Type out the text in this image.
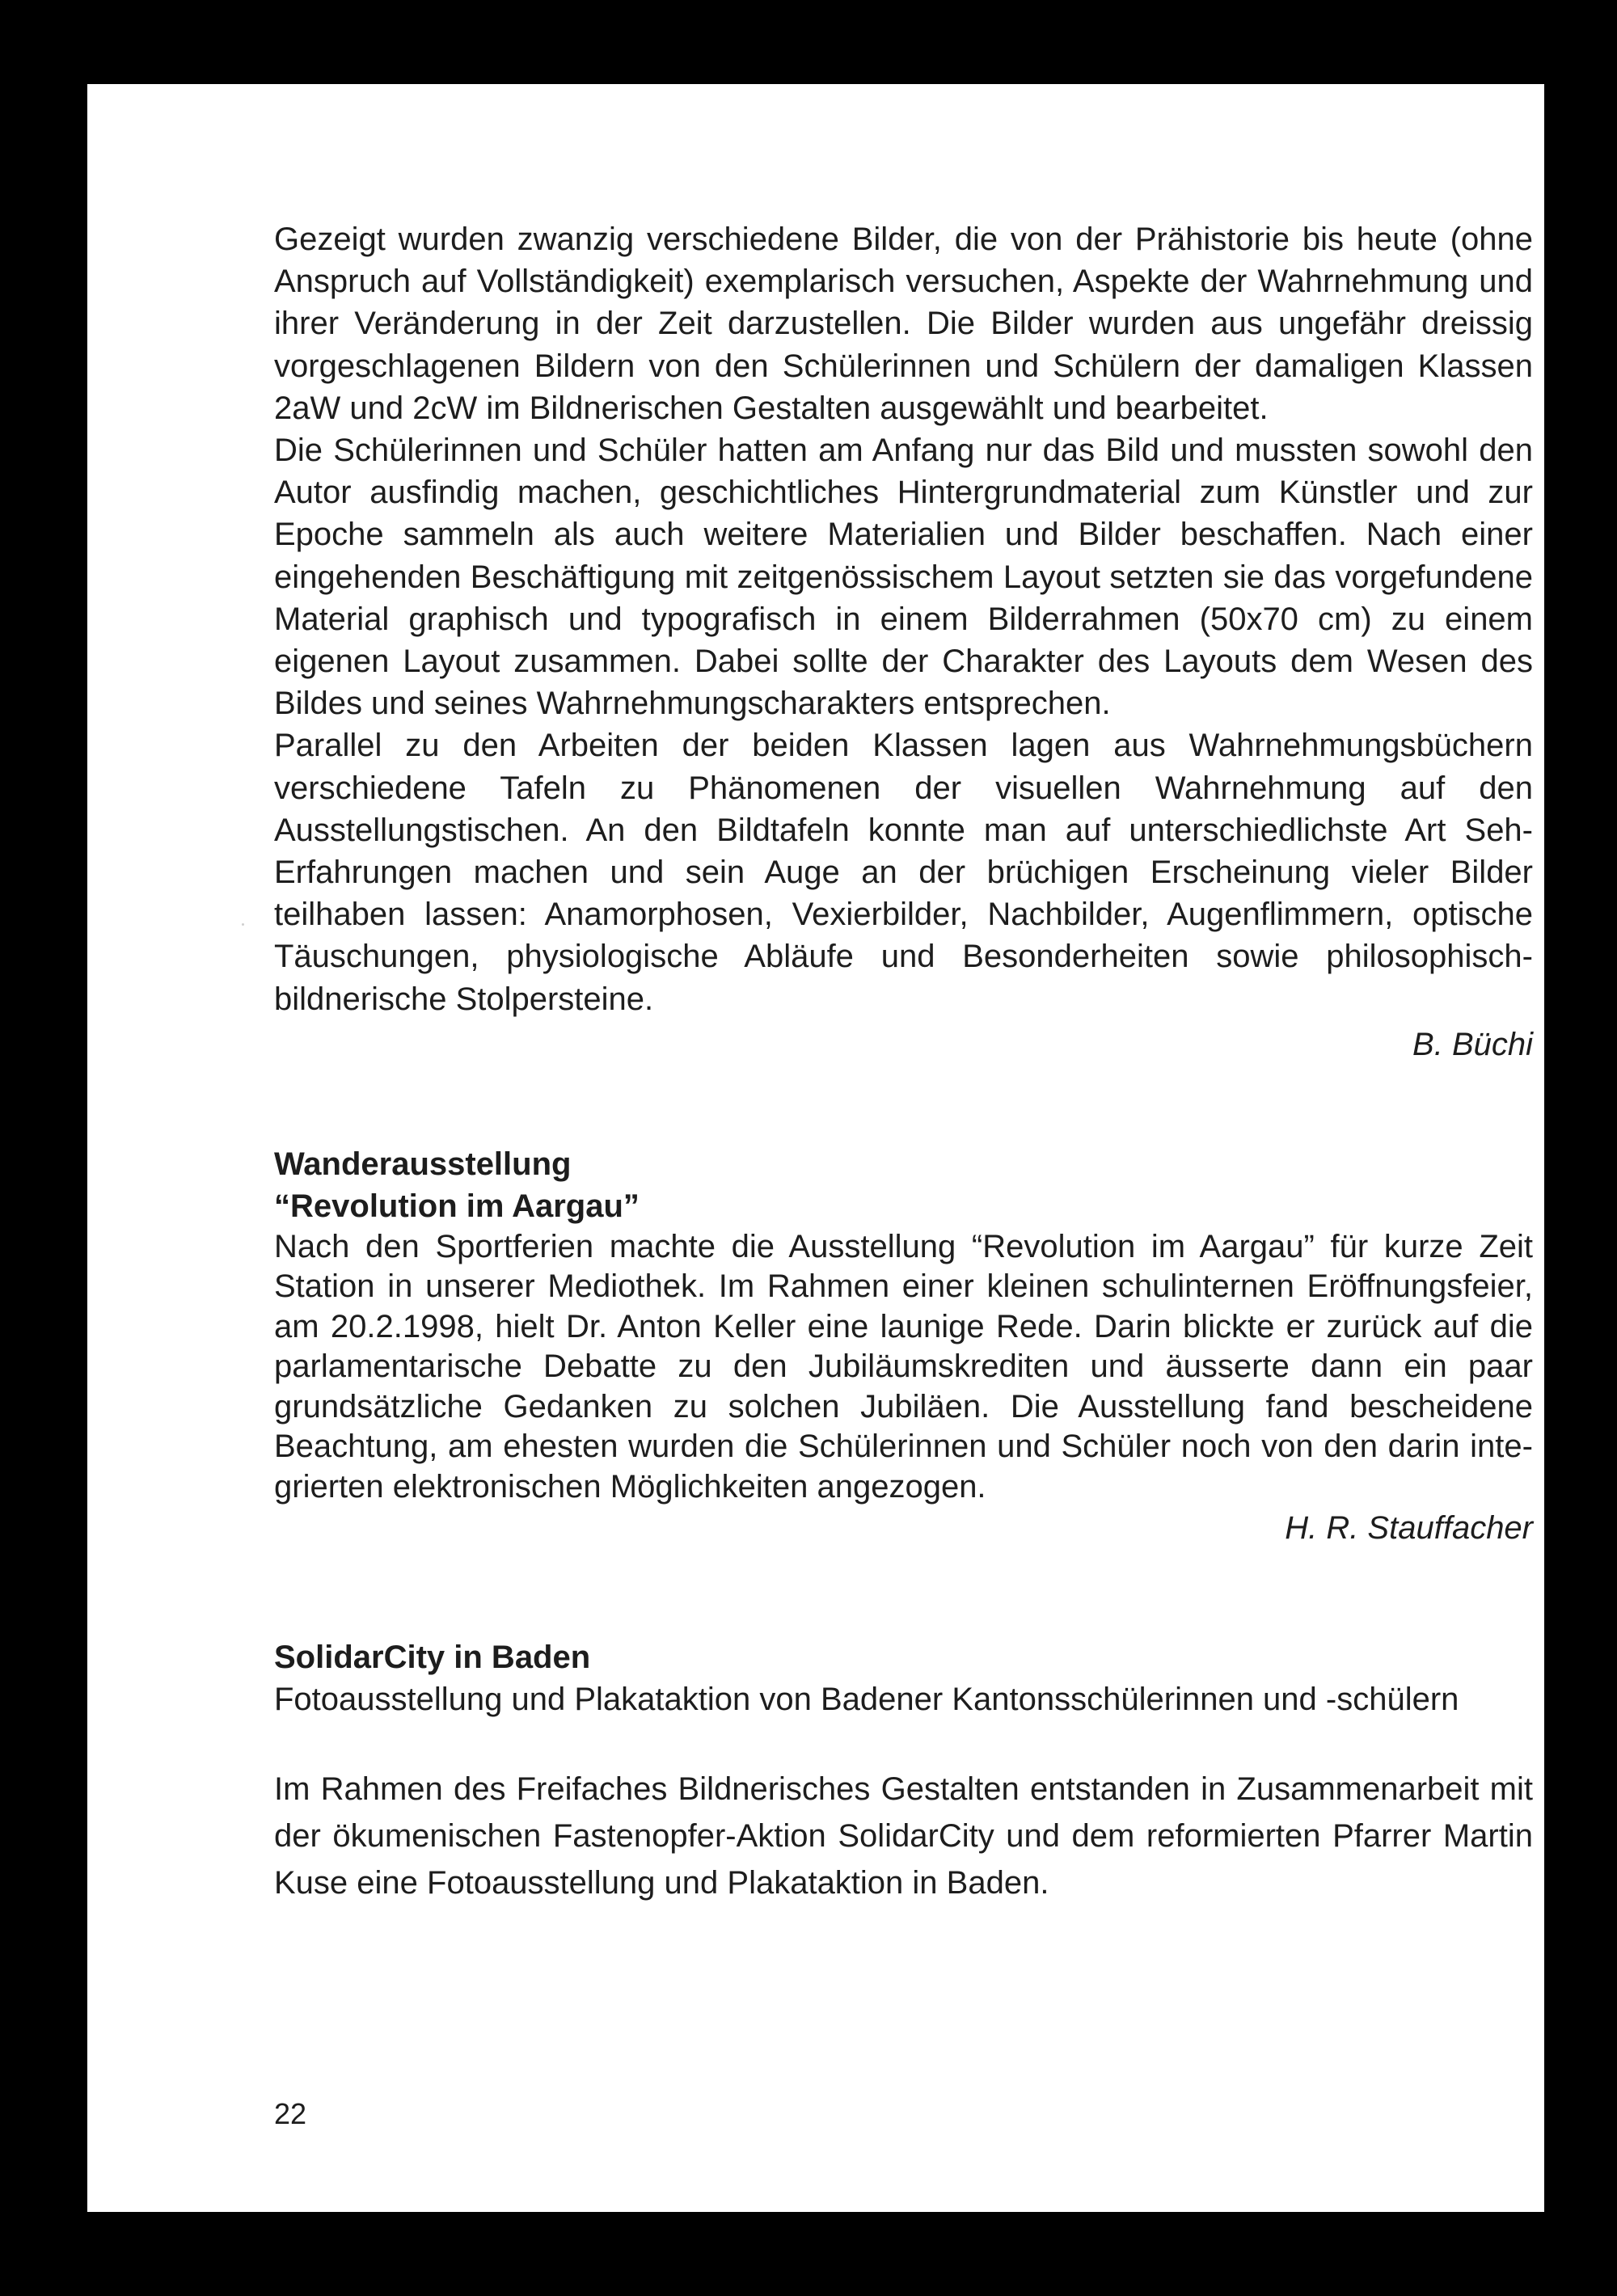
Gezeigt wurden zwanzig verschiedene Bilder, die von der Prähistorie bis heute (ohne Anspruch auf Vollständigkeit) exemplarisch versuchen, Aspekte der Wahrnehmung und ihrer Veränderung in der Zeit darzustellen. Die Bilder wurden aus ungefähr dreissig vorgeschlagenen Bildern von den Schülerinnen und Schülern der damaligen Klassen 2aW und 2cW im Bildnerischen Gestalten ausgewählt und bearbeitet.

Die Schülerinnen und Schüler hatten am Anfang nur das Bild und mussten sowohl den Autor ausfindig machen, geschichtliches Hintergrundmaterial zum Künstler und zur Epoche sammeln als auch weitere Materialien und Bilder beschaffen. Nach einer eingehenden Beschäftigung mit zeitgenössischem Layout setzten sie das vorgefundene Material graphisch und typografisch in einem Bilderrahmen (50x70 cm) zu einem eigenen Layout zusammen. Dabei sollte der Charakter des Layouts dem Wesen des Bildes und seines Wahrnehmungscharakters entsprechen.

Parallel zu den Arbeiten der beiden Klassen lagen aus Wahrnehmungsbüchern verschiedene Tafeln zu Phänomenen der visuellen Wahrnehmung auf den Ausstellungstischen. An den Bildtafeln konnte man auf unterschiedlichste Art Seh-Erfahrungen machen und sein Auge an der brüchigen Erscheinung vieler Bilder teilhaben lassen: Anamorphosen, Vexierbilder, Nachbilder, Augenflimmern, optische Täuschungen, physiologische Abläufe und Besonderheiten sowie philosophisch-bildnerische Stolpersteine.

B. Büchi

Wanderausstellung
“Revolution im Aargau”

Nach den Sportferien machte die Ausstellung “Revolution im Aargau” für kurze Zeit Station in unserer Mediothek. Im Rahmen einer kleinen schulinternen Eröffnungsfeier, am 20.2.1998, hielt Dr. Anton Keller eine launige Rede. Darin blickte er zurück auf die parlamentarische Debatte zu den Jubiläumskrediten und äusserte dann ein paar grundsätzliche Gedanken zu solchen Jubiläen. Die Ausstellung fand bescheidene Beachtung, am ehesten wurden die Schülerinnen und Schüler noch von den darin integrierten elektronischen Möglichkeiten angezogen.

H. R. Stauffacher

SolidarCity in Baden

Fotoausstellung und Plakataktion von Badener Kantonsschülerinnen und -schülern

Im Rahmen des Freifaches Bildnerisches Gestalten entstanden in Zusammenarbeit mit der ökumenischen Fastenopfer-Aktion SolidarCity und dem reformierten Pfarrer Martin Kuse eine Fotoausstellung und Plakataktion in Baden.

22
